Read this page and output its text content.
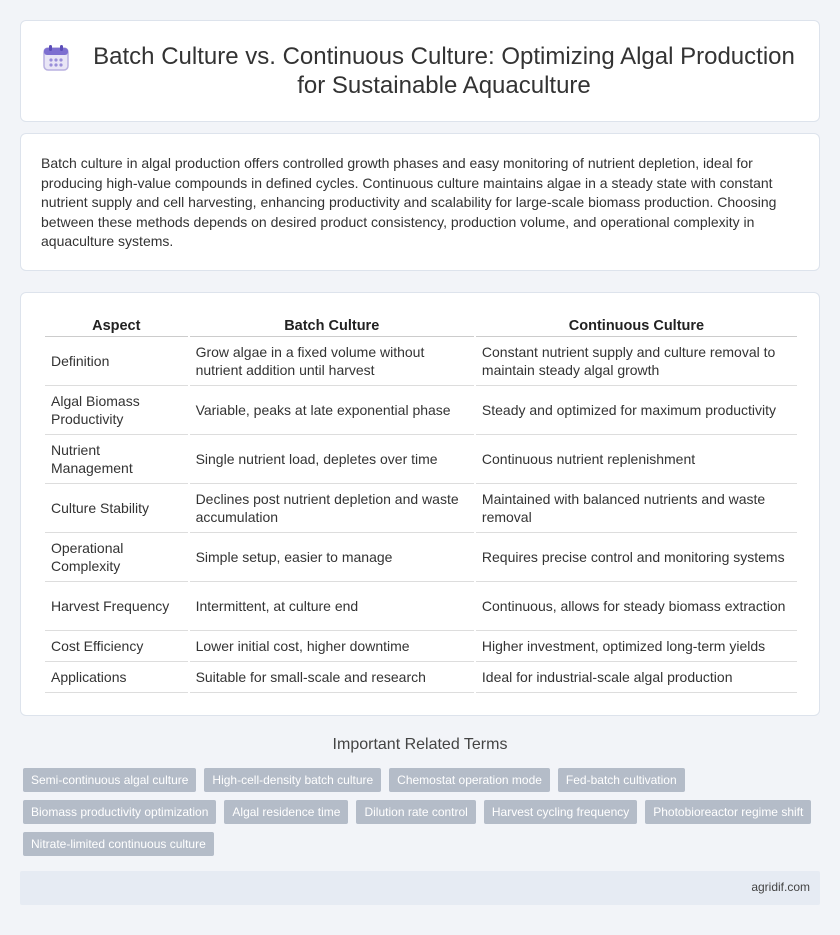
Batch Culture vs. Continuous Culture: Optimizing Algal Production for Sustainable Aquaculture

Batch culture in algal production offers controlled growth phases and easy monitoring of nutrient depletion, ideal for producing high-value compounds in defined cycles. Continuous culture maintains algae in a steady state with constant nutrient supply and cell harvesting, enhancing productivity and scalability for large-scale biomass production. Choosing between these methods depends on desired product consistency, production volume, and operational complexity in aquaculture systems.

Aspect	Batch Culture	Continuous Culture
Definition	Grow algae in a fixed volume without nutrient addition until harvest	Constant nutrient supply and culture removal to maintain steady algal growth
Algal Biomass Productivity	Variable, peaks at late exponential phase	Steady and optimized for maximum productivity
Nutrient Management	Single nutrient load, depletes over time	Continuous nutrient replenishment
Culture Stability	Declines post nutrient depletion and waste accumulation	Maintained with balanced nutrients and waste removal
Operational Complexity	Simple setup, easier to manage	Requires precise control and monitoring systems
Harvest Frequency	Intermittent, at culture end	Continuous, allows for steady biomass extraction
Cost Efficiency	Lower initial cost, higher downtime	Higher investment, optimized long-term yields
Applications	Suitable for small-scale and research	Ideal for industrial-scale algal production
Important Related Terms
Semi-continuous algal culture	High-cell-density batch culture	Chemostat operation mode	Fed-batch cultivation
Biomass productivity optimization	Algal residence time	Dilution rate control	Harvest cycling frequency	Photobioreactor regime shift
Nitrate-limited continuous culture
agridif.com
